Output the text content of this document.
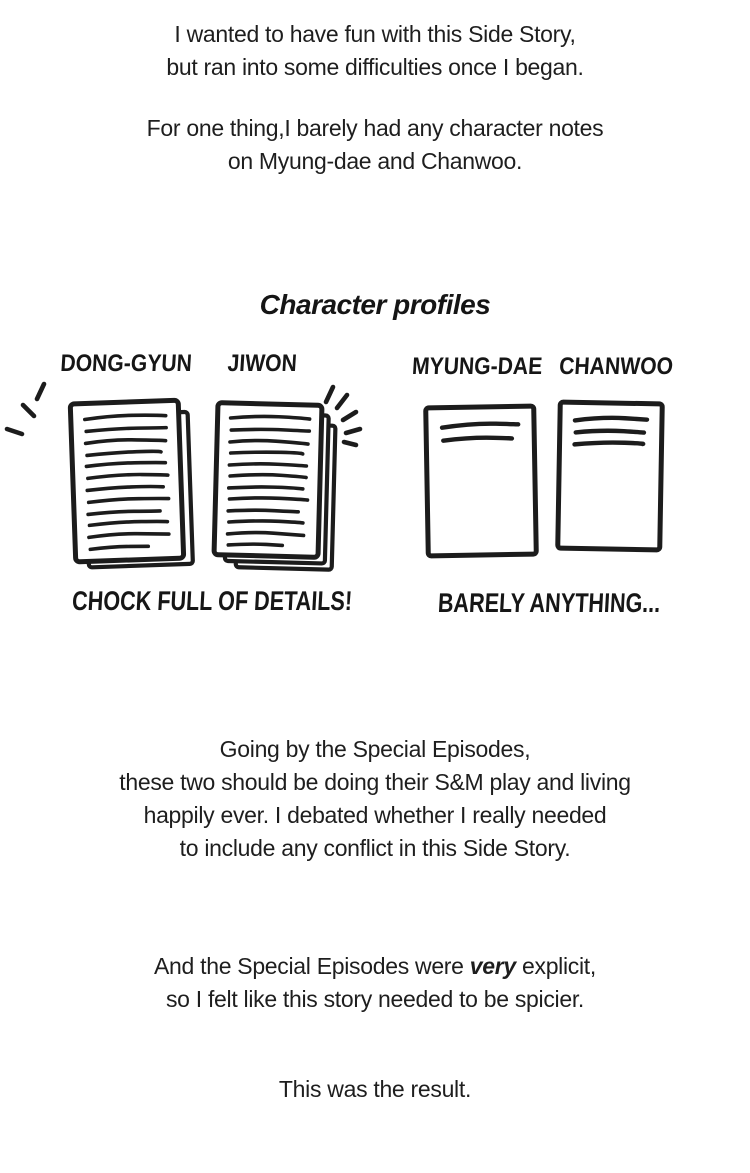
I wanted to have fun with this Side Story,
but ran into some difficulties once I began.
For one thing,I barely had any character notes
on Myung-dae and Chanwoo.
Character profiles
DONG-GYUN JIWON	MYUNG-DAE CHANWOO
CHOCK FULL OF DETAILS!	BARELY ANYTHING...
Going by the Special Episodes,
these two should be doing their S&M play and living
happily ever. I debated whether I really needed
to include any conflict in this Side Story.
And the Special Episodes were very explicit,
so I felt like this story needed to be spicier.
This was the result.
